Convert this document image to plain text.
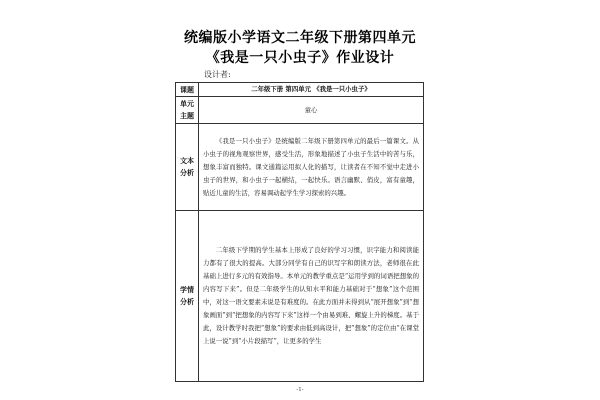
统编版小学语文二年级下册第四单元
《我是一只小虫子》作业设计
设计者:
课题	二年级下册 第四单元 《我是一只小虫子》
单元主题	童心
文本分析	《我是一只小虫子》是统编版二年级下册第四单元的最后一篇课文。从小虫子的视角观察世界，感受生活，形象地描述了小虫子生活中的苦与乐，想象丰富而独特。课文通篇运用拟人化的描写，让读者在不知不觉中走进小虫子的世界，和小虫子一起横结，一起快乐。语言幽默、俏皮，富有童趣，贴近儿童的生活，容易调动起学生学习探索的兴趣。

学情分析	二年级下学期的学生基本上形成了良好的学习习惯，识字能力和阅读能力都有了很大的提高。大部分同学有自己的识写字和朗读方法，老师很在此基础上进行多元的有效指导。本单元的教学重点是“运用学到的词语把想象的内容写下来”。但是二年级学生的认知水平和能力基础对于“想象”这个范围中，对这一语文要素未说是有难度的。在此方面并未得到从“展开想象”到“想象画面”到“把想象的内容写下来”这样一个由易到难、螺旋上升的梯度。基于此，设计教学时我把“想象”的要求由低到高设计，把“想象”的定位由“在课堂上说一说”到“小片段描写”，让更多的学生

-1-
